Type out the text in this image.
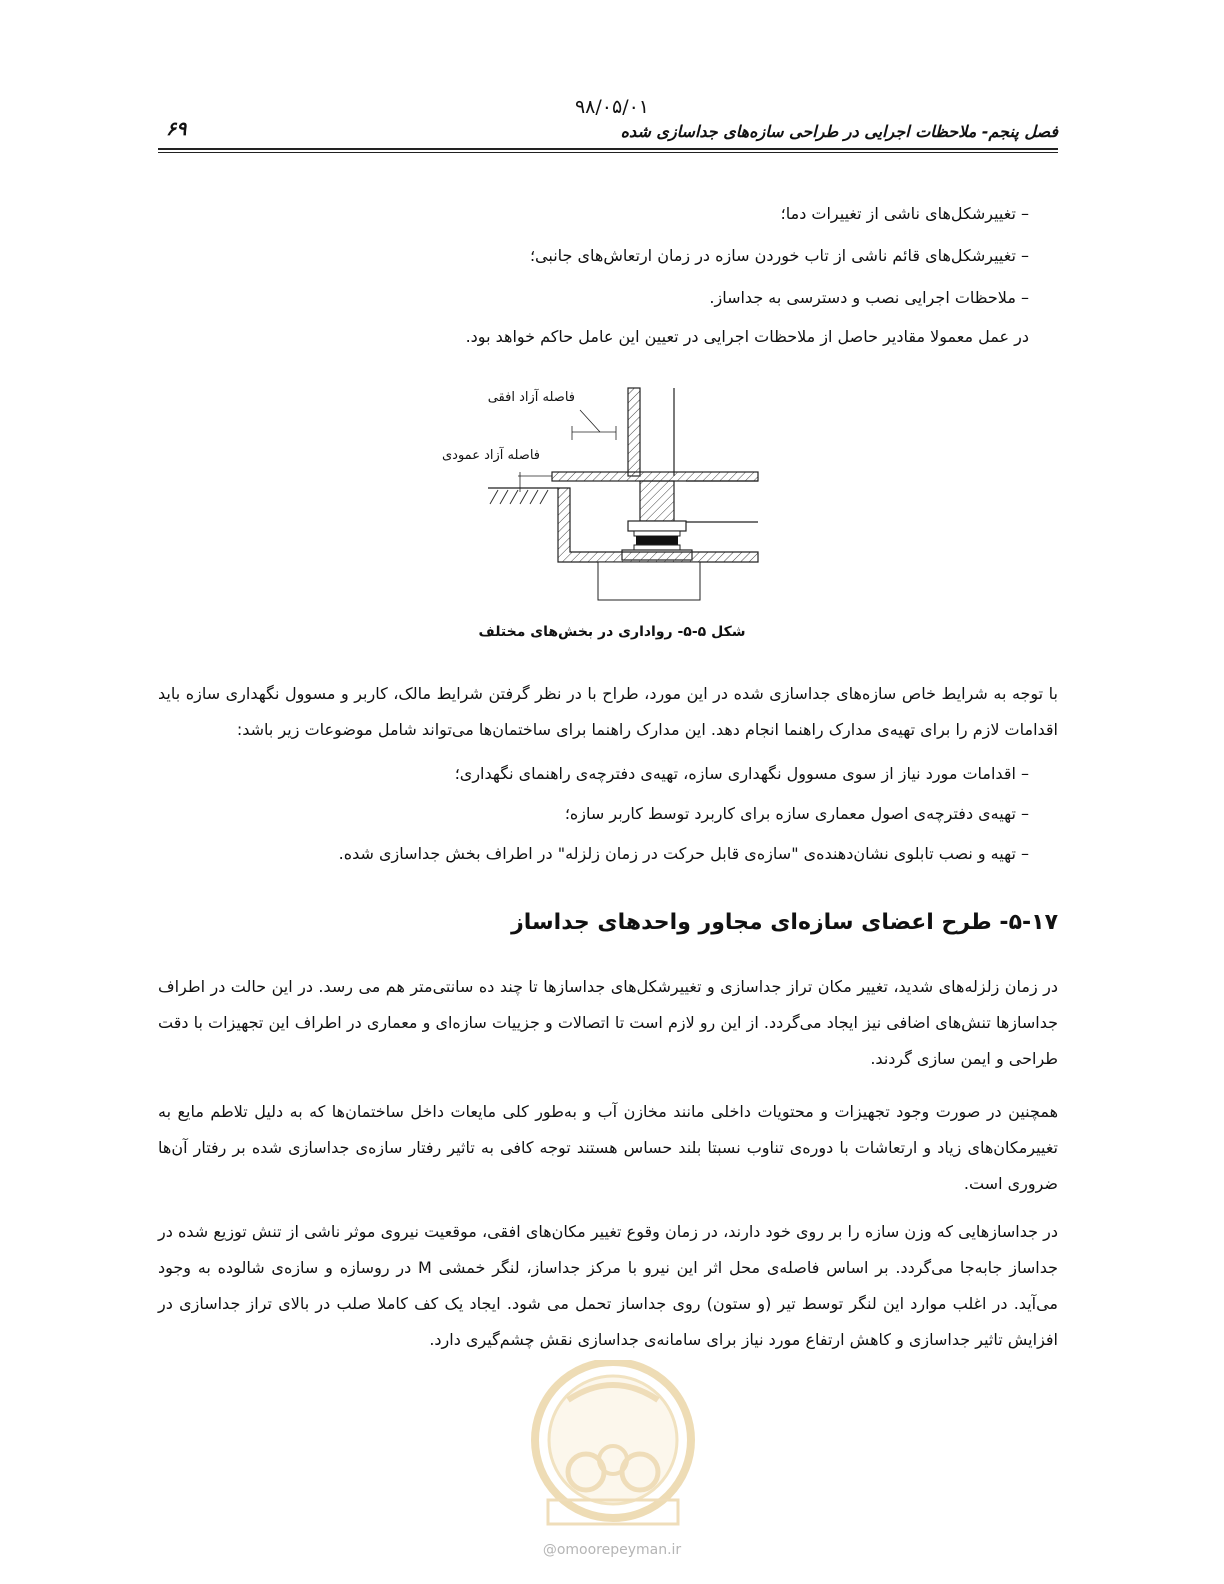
۹۸/۰۵/۰۱
فصل پنجم- ملاحظات اجرایی در طراحی سازه‌های جداسازی شده
۶۹
– تغییرشکل‌های ناشی از تغییرات دما؛
– تغییرشکل‌های قائم ناشی از تاب خوردن سازه در زمان ارتعاش‌های جانبی؛
– ملاحظات اجرایی نصب و دسترسی به جداساز.
در عمل معمولا مقادیر حاصل از ملاحظات اجرایی در تعیین این عامل حاکم خواهد بود.
فاصله آزاد افقی
فاصله آزاد عمودی
شکل ۵-۵- رواداری در بخش‌های مختلف
با توجه به شرایط خاص سازه‌های جداسازی شده در این مورد، طراح با در نظر گرفتن شرایط مالک، کاربر و مسوول نگهداری سازه باید اقدامات لازم را برای تهیه‌ی مدارک راهنما انجام دهد. این مدارک راهنما برای ساختمان‌ها می‌تواند شامل موضوعات زیر باشد:
– اقدامات مورد نیاز از سوی مسوول نگهداری سازه، تهیه‌ی دفترچه‌ی راهنمای نگهداری؛
– تهیه‌ی دفترچه‌ی اصول معماری سازه برای کاربرد توسط کاربر سازه؛
– تهیه و نصب تابلوی نشان‌دهنده‌ی "سازه‌ی قابل حرکت در زمان زلزله" در اطراف بخش جداسازی شده.
۵-۱۷- طرح اعضای سازه‌ای مجاور واحدهای جداساز
در زمان زلزله‌های شدید، تغییر مکان تراز جداسازی و تغییرشکل‌های جداسازها تا چند ده سانتی‌متر هم می رسد. در این حالت در اطراف جداسازها تنش‌های اضافی نیز ایجاد می‌گردد. از این رو لازم است تا اتصالات و جزییات سازه‌ای و معماری در اطراف این تجهیزات با دقت طراحی و ایمن سازی گردند.
همچنین در صورت وجود تجهیزات و محتویات داخلی مانند مخازن آب و به‌طور کلی مایعات داخل ساختمان‌ها که به دلیل تلاطم مایع به تغییرمکان‌های زیاد و ارتعاشات با دوره‌ی تناوب نسبتا بلند حساس هستند توجه کافی به تاثیر رفتار سازه‌ی جداسازی شده بر رفتار آن‌ها ضروری است.
در جداسازهایی که وزن سازه را بر روی خود دارند، در زمان وقوع تغییر مکان‌های افقی، موقعیت نیروی موثر ناشی از تنش توزیع شده در جداساز جابه‌جا می‌گردد. بر اساس فاصله‌ی محل اثر این نیرو با مرکز جداساز، لنگر خمشی M در روسازه و سازه‌ی شالوده به وجود می‌آید. در اغلب موارد این لنگر توسط تیر (و ستون) روی جداساز تحمل می شود. ایجاد یک کف کاملا صلب در بالای تراز جداسازی در افزایش تاثیر جداسازی و کاهش ارتفاع مورد نیاز برای سامانه‌ی جداسازی نقش چشم‌گیری دارد.
@omoorepeyman.ir
